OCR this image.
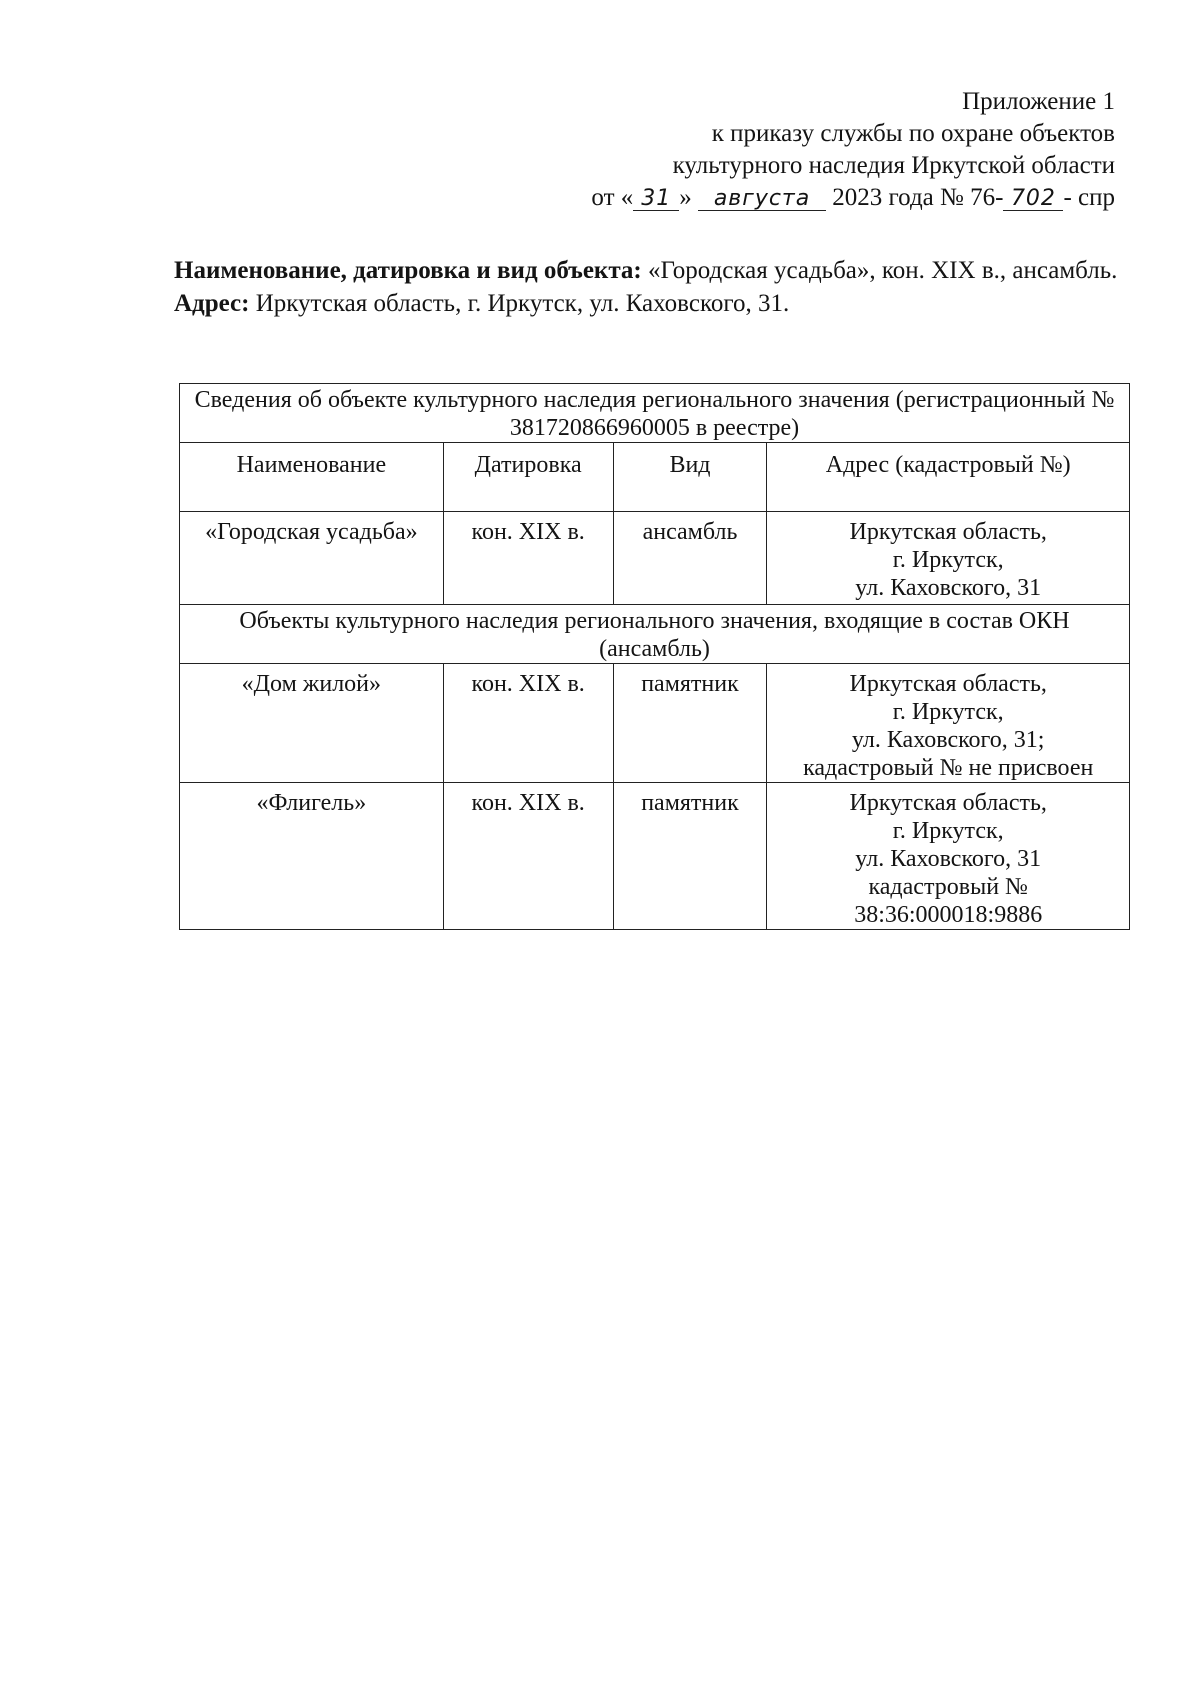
Приложение 1
к приказу службы по охране объектов
культурного наследия Иркутской области
от « 31 » августа 2023 года № 76- 702 - спр

Наименование, датировка и вид объекта: «Городская усадьба», кон. XIX в., ансамбль.

Адрес: Иркутская область, г. Иркутск, ул. Каховского, 31.

Сведения об объекте культурного наследия регионального значения (регистрационный № 381720866960005 в реестре)			
Наименование	Датировка	Вид	Адрес (кадастровый №)
«Городская усадьба»	кон. XIX в.	ансамбль	Иркутская область,
г. Иркутск,
ул. Каховского, 31

Объекты культурного наследия регионального значения, входящие в состав ОКН (ансамбль)			
«Дом жилой»	кон. XIX в.	памятник	Иркутская область,
г. Иркутск,
ул. Каховского, 31;
кадастровый № не присвоен

«Флигель»	кон. XIX в.	памятник	Иркутская область,
г. Иркутск,
ул. Каховского, 31
кадастровый №
38:36:000018:9886
